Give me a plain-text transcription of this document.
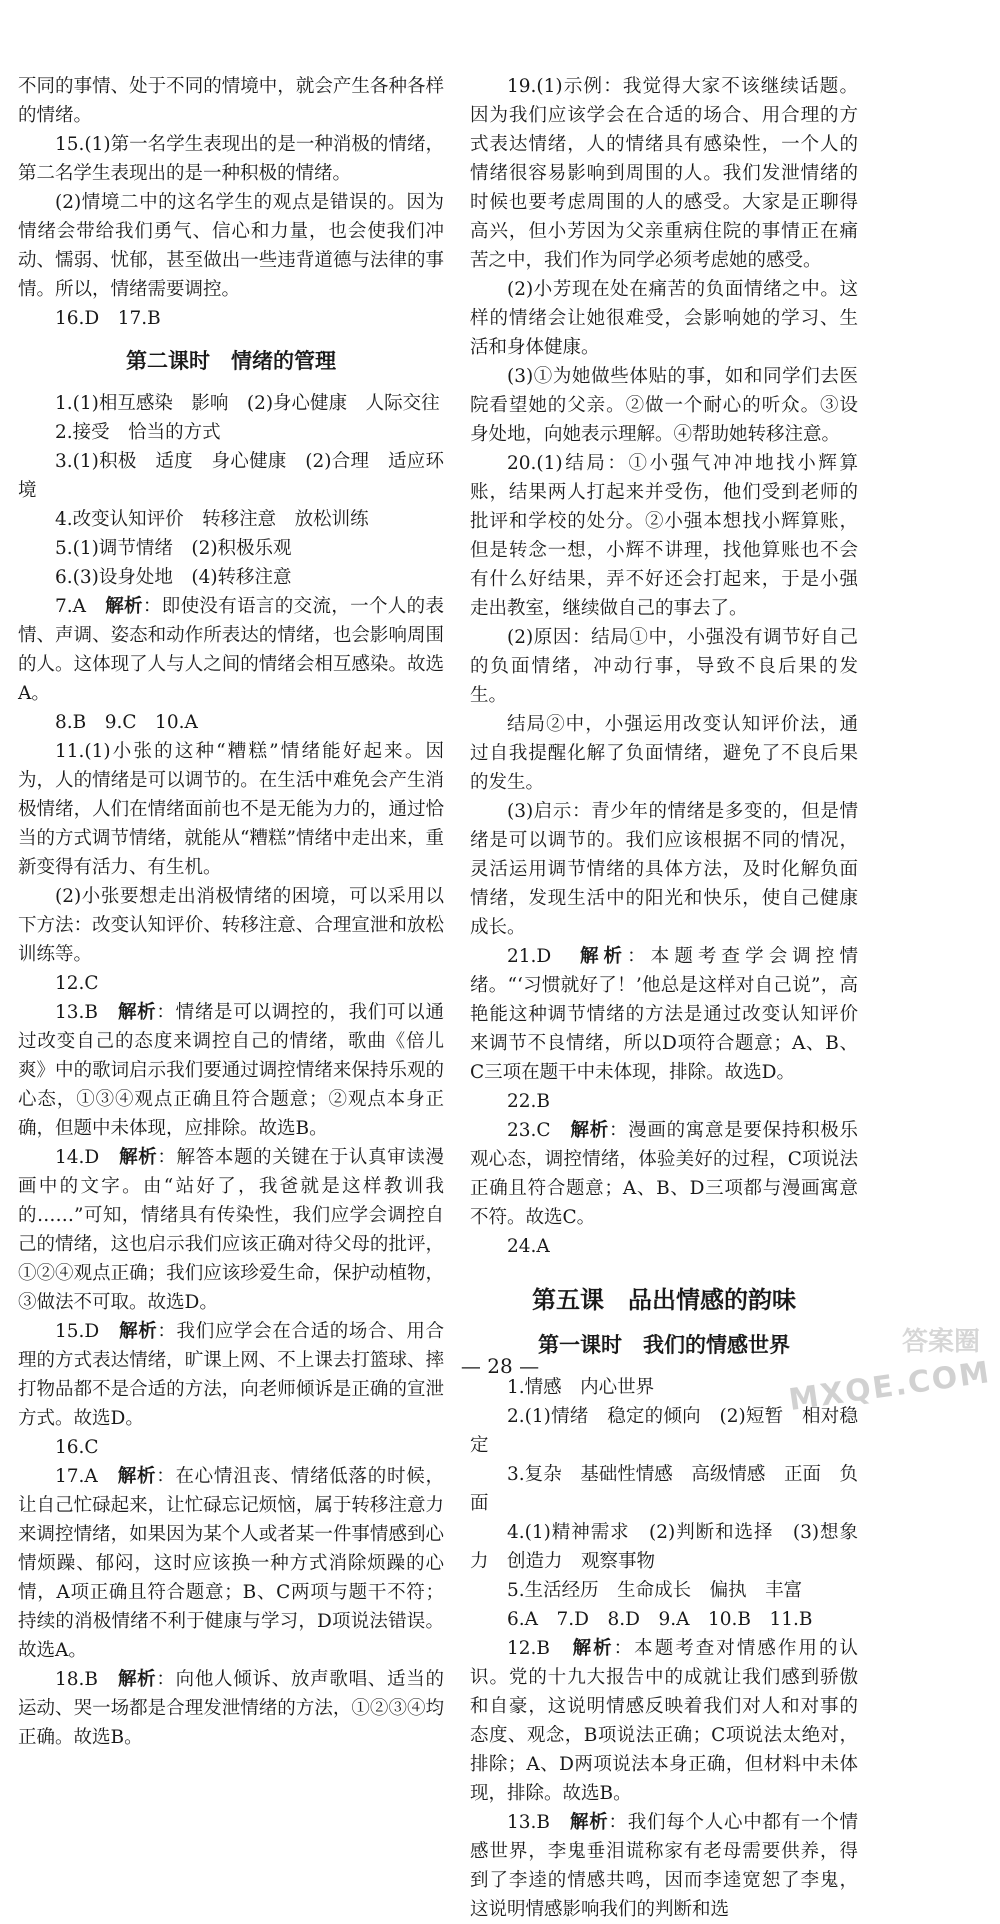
不同的事情、处于不同的情境中，就会产生各种各样的情绪。

15.(1)第一名学生表现出的是一种消极的情绪，第二名学生表现出的是一种积极的情绪。

(2)情境二中的这名学生的观点是错误的。因为情绪会带给我们勇气、信心和力量，也会使我们冲动、懦弱、忧郁，甚至做出一些违背道德与法律的事情。所以，情绪需要调控。

16.D　17.B

第二课时　情绪的管理

1.(1)相互感染　影响　(2)身心健康　人际交往

2.接受　恰当的方式

3.(1)积极　适度　身心健康　(2)合理　适应环境

4.改变认知评价　转移注意　放松训练

5.(1)调节情绪　(2)积极乐观

6.(3)设身处地　(4)转移注意

7.A　 解析：即使没有语言的交流，一个人的表情、声调、姿态和动作所表达的情绪，也会影响周围的人。这体现了人与人之间的情绪会相互感染。故选A。

8.B　9.C　10.A

11.(1)小张的这种“糟糕”情绪能好起来。因为，人的情绪是可以调节的。在生活中难免会产生消极情绪，人们在情绪面前也不是无能为力的，通过恰当的方式调节情绪，就能从“糟糕”情绪中走出来，重新变得有活力、有生机。

(2)小张要想走出消极情绪的困境，可以采用以下方法：改变认知评价、转移注意、合理宣泄和放松训练等。

12.C

13.B　 解析：情绪是可以调控的，我们可以通过改变自己的态度来调控自己的情绪，歌曲《倍儿爽》中的歌词启示我们要通过调控情绪来保持乐观的心态，①③④观点正确且符合题意；②观点本身正确，但题中未体现，应排除。故选B。

14.D　 解析：解答本题的关键在于认真审读漫画中的文字。由“站好了，我爸就是这样教训我的……”可知，情绪具有传染性，我们应学会调控自己的情绪，这也启示我们应该正确对待父母的批评，①②④观点正确；我们应该珍爱生命，保护动植物，③做法不可取。故选D。

15.D　 解析：我们应学会在合适的场合、用合理的方式表达情绪，旷课上网、不上课去打篮球、摔打物品都不是合适的方法，向老师倾诉是正确的宣泄方式。故选D。

16.C

17.A　 解析：在心情沮丧、情绪低落的时候，让自己忙碌起来，让忙碌忘记烦恼，属于转移注意力来调控情绪，如果因为某个人或者某一件事情感到心情烦躁、郁闷，这时应该换一种方式消除烦躁的心情，A项正确且符合题意；B、C两项与题干不符；持续的消极情绪不利于健康与学习，D项说法错误。故选A。

18.B　 解析：向他人倾诉、放声歌唱、适当的运动、哭一场都是合理发泄情绪的方法，①②③④均正确。故选B。

19.(1)示例：我觉得大家不该继续话题。因为我们应该学会在合适的场合、用合理的方式表达情绪，人的情绪具有感染性，一个人的情绪很容易影响到周围的人。我们发泄情绪的时候也要考虑周围的人的感受。大家是正聊得高兴，但小芳因为父亲重病住院的事情正在痛苦之中，我们作为同学必须考虑她的感受。

(2)小芳现在处在痛苦的负面情绪之中。这样的情绪会让她很难受，会影响她的学习、生活和身体健康。

(3)①为她做些体贴的事，如和同学们去医院看望她的父亲。②做一个耐心的听众。③设身处地，向她表示理解。④帮助她转移注意。

20.(1)结局：①小强气冲冲地找小辉算账，结果两人打起来并受伤，他们受到老师的批评和学校的处分。②小强本想找小辉算账，但是转念一想，小辉不讲理，找他算账也不会有什么好结果，弄不好还会打起来，于是小强走出教室，继续做自己的事去了。

(2)原因：结局①中，小强没有调节好自己的负面情绪，冲动行事，导致不良后果的发生。

结局②中，小强运用改变认知评价法，通过自我提醒化解了负面情绪，避免了不良后果的发生。

(3)启示：青少年的情绪是多变的，但是情绪是可以调节的。我们应该根据不同的情况，灵活运用调节情绪的具体方法，及时化解负面情绪，发现生活中的阳光和快乐，使自己健康成长。

21.D　 解析：本题考查学会调控情绪。“‘习惯就好了！’他总是这样对自己说”，高艳能这种调节情绪的方法是通过改变认知评价来调节不良情绪，所以D项符合题意；A、B、C三项在题干中未体现，排除。故选D。

22.B

23.C　 解析：漫画的寓意是要保持积极乐观心态，调控情绪，体验美好的过程，C项说法正确且符合题意；A、B、D三项都与漫画寓意不符。故选C。

24.A

第五课　品出情感的韵味
第一课时　我们的情感世界

1.情感　内心世界

2.(1)情绪　稳定的倾向　(2)短暂　相对稳定

3.复杂　基础性情感　高级情感　正面　负面

4.(1)精神需求　(2)判断和选择　(3)想象力　创造力　观察事物

5.生活经历　生命成长　偏执　丰富

6.A　7.D　8.D　9.A　10.B　11.B

12.B　 解析：本题考查对情感作用的认识。党的十九大报告中的成就让我们感到骄傲和自豪，这说明情感反映着我们对人和对事的态度、观念，B项说法正确；C项说法太绝对，排除；A、D两项说法本身正确，但材料中未体现，排除。故选B。

13.B　 解析：我们每个人心中都有一个情感世界，李鬼垂泪谎称家有老母需要供养，得到了李逵的情感共鸣，因而李逵宽恕了李鬼，这说明情感影响我们的判断和选

— 28 —
答案圈
MXQE.COM
